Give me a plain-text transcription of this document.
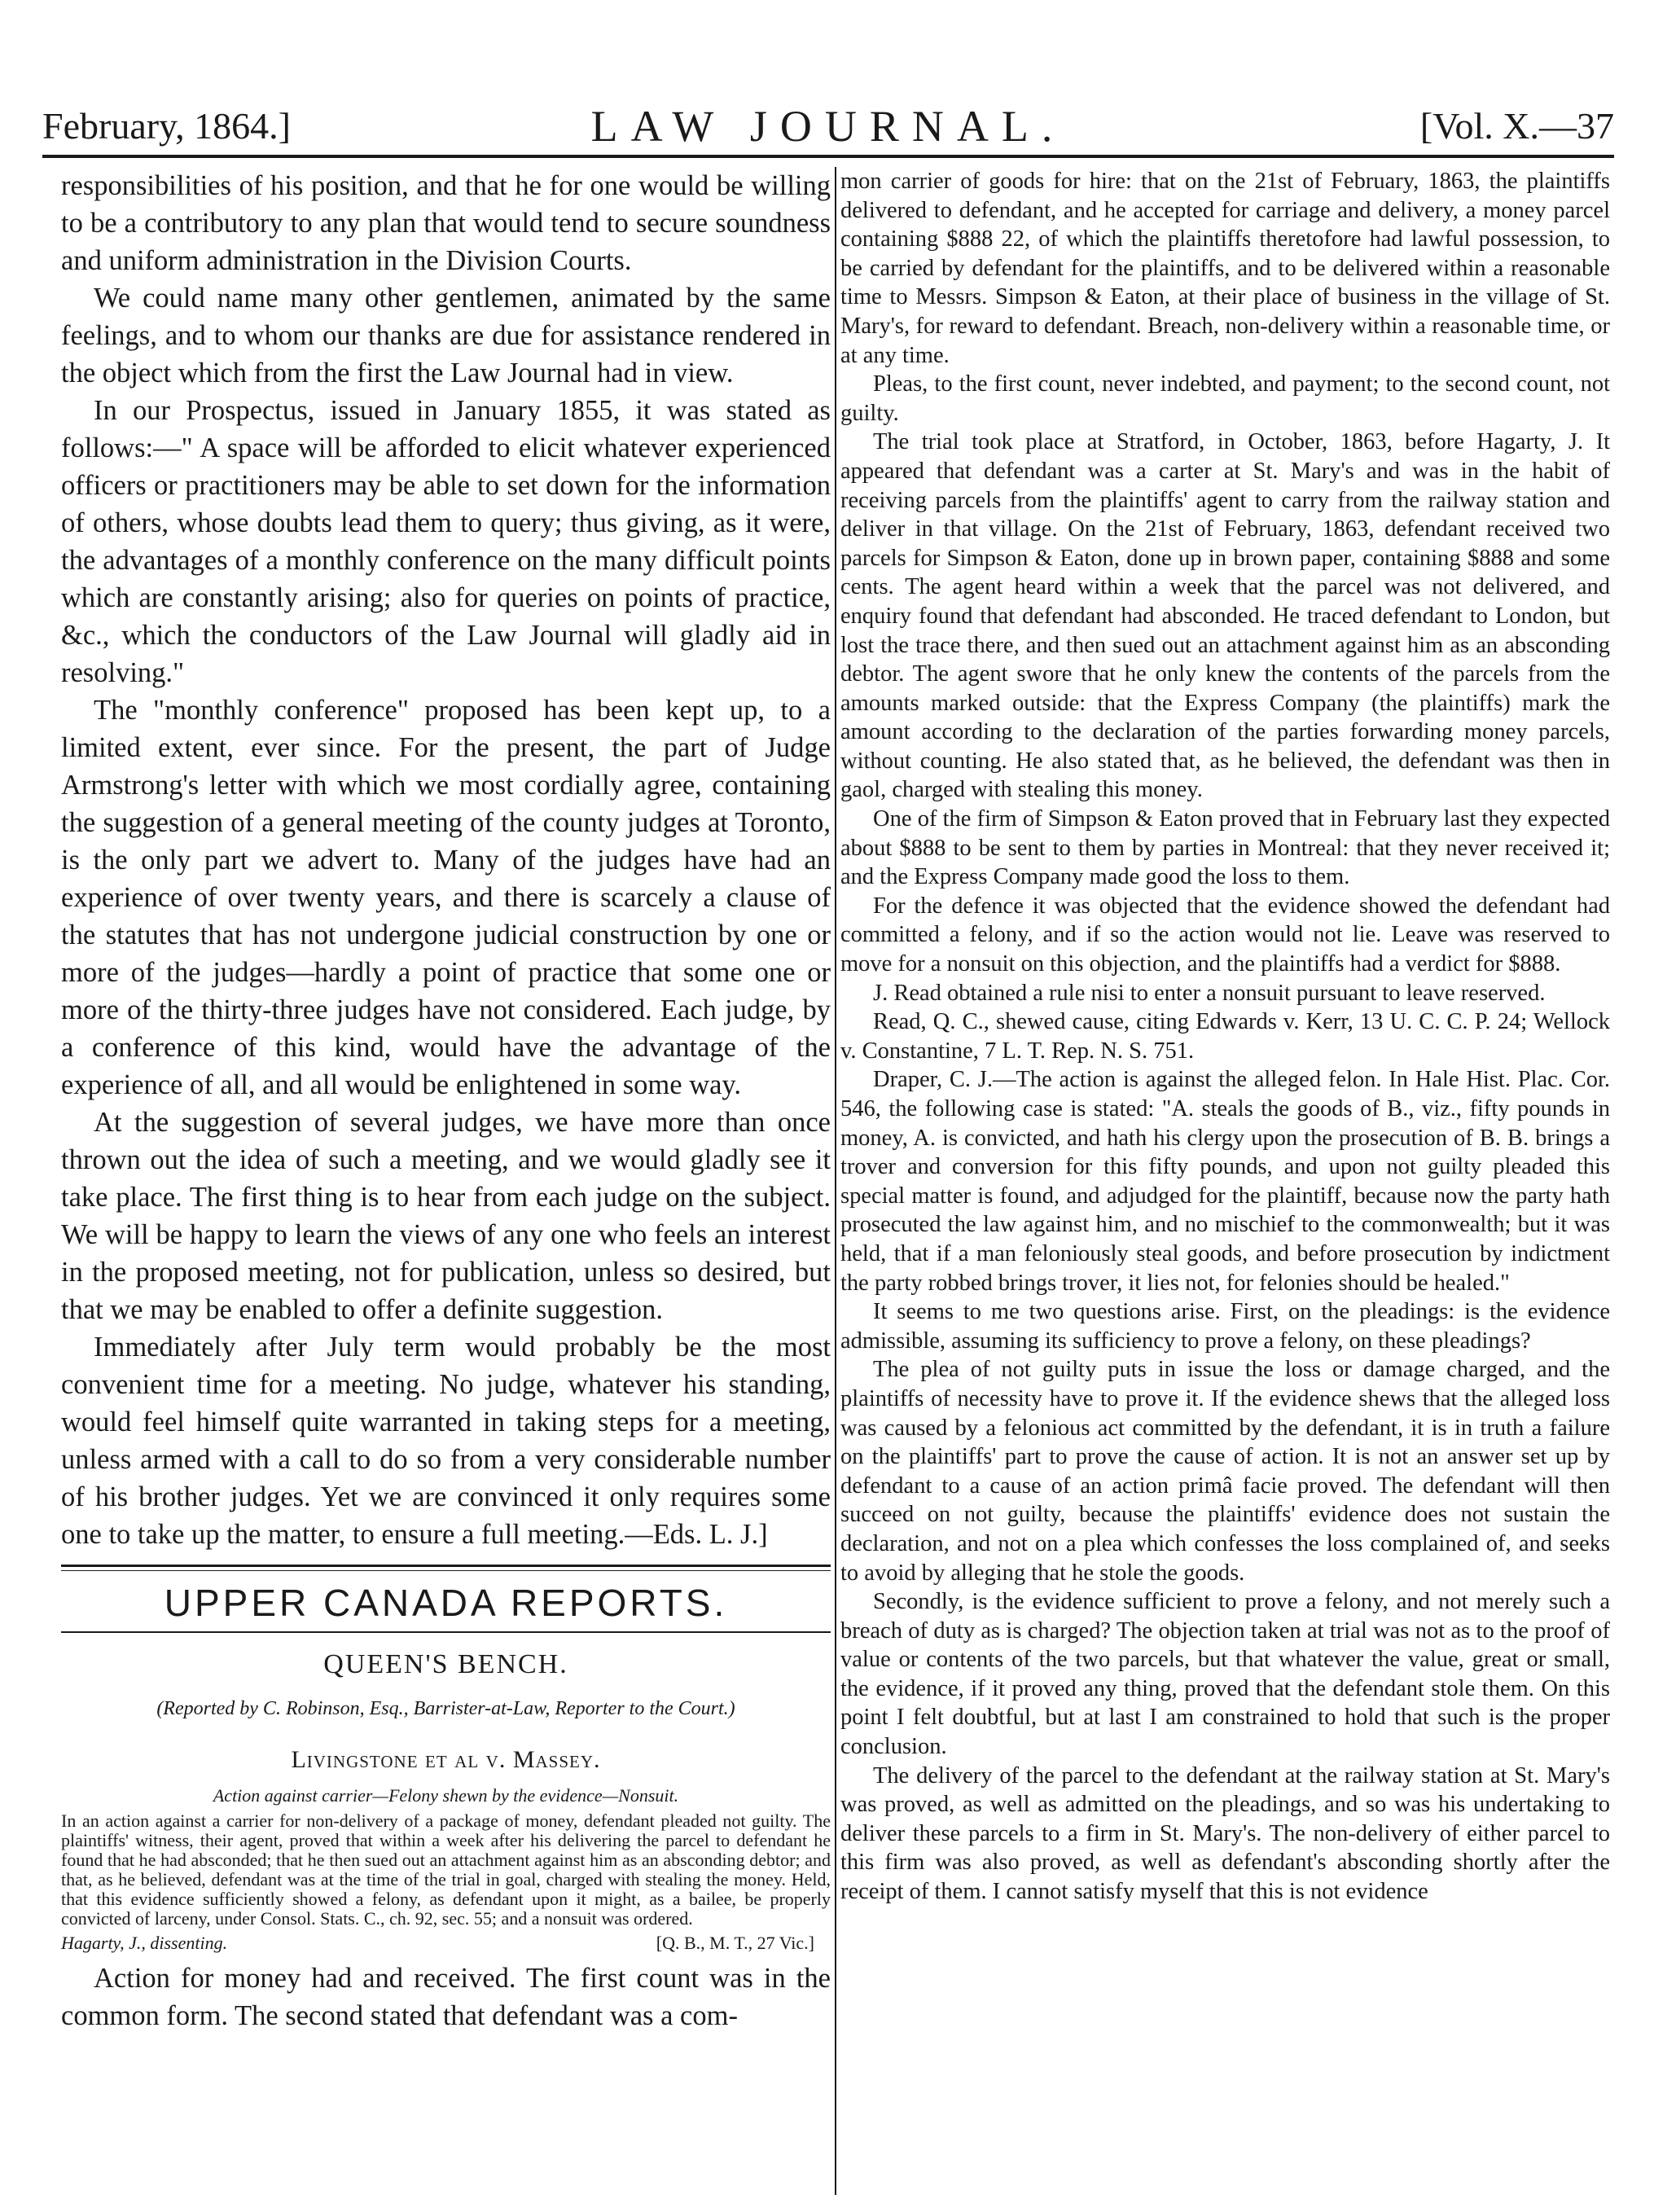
February, 1864.]	LAW JOURNAL.	[Vol. X.—37

responsibilities of his position, and that he for one would be willing to be a contributory to any plan that would tend to secure soundness and uniform administration in the Division Courts.

We could name many other gentlemen, animated by the same feelings, and to whom our thanks are due for assistance rendered in the object which from the first the Law Journal had in view.

In our Prospectus, issued in January 1855, it was stated as follows:—" A space will be afforded to elicit whatever experienced officers or practitioners may be able to set down for the information of others, whose doubts lead them to query; thus giving, as it were, the advantages of a monthly conference on the many difficult points which are constantly arising; also for queries on points of practice, &c., which the conductors of the Law Journal will gladly aid in resolving."

The "monthly conference" proposed has been kept up, to a limited extent, ever since. For the present, the part of Judge Armstrong's letter with which we most cordially agree, containing the suggestion of a general meeting of the county judges at Toronto, is the only part we advert to. Many of the judges have had an experience of over twenty years, and there is scarcely a clause of the statutes that has not undergone judicial construction by one or more of the judges—hardly a point of practice that some one or more of the thirty-three judges have not considered. Each judge, by a conference of this kind, would have the advantage of the experience of all, and all would be enlightened in some way.

At the suggestion of several judges, we have more than once thrown out the idea of such a meeting, and we would gladly see it take place. The first thing is to hear from each judge on the subject. We will be happy to learn the views of any one who feels an interest in the proposed meeting, not for publication, unless so desired, but that we may be enabled to offer a definite suggestion.

Immediately after July term would probably be the most convenient time for a meeting. No judge, whatever his standing, would feel himself quite warranted in taking steps for a meeting, unless armed with a call to do so from a very considerable number of his brother judges. Yet we are convinced it only requires some one to take up the matter, to ensure a full meeting.—Eds. L. J.]

UPPER CANADA REPORTS.
QUEEN'S BENCH.
(Reported by C. Robinson, Esq., Barrister-at-Law, Reporter to the Court.)
Livingstone et al v. Massey.
Action against carrier—Felony shewn by the evidence—Nonsuit.

In an action against a carrier for non-delivery of a package of money, defendant pleaded not guilty. The plaintiffs' witness, their agent, proved that within a week after his delivering the parcel to defendant he found that he had absconded; that he then sued out an attachment against him as an absconding debtor; and that, as he believed, defendant was at the time of the trial in goal, charged with stealing the money. Held, that this evidence sufficiently showed a felony, as defendant upon it might, as a bailee, be properly convicted of larceny, under Consol. Stats. C., ch. 92, sec. 55; and a nonsuit was ordered.

Hagarty, J., dissenting.	[Q. B., M. T., 27 Vic.]

Action for money had and received. The first count was in the common form. The second stated that defendant was a com-

mon carrier of goods for hire: that on the 21st of February, 1863, the plaintiffs delivered to defendant, and he accepted for carriage and delivery, a money parcel containing $888 22, of which the plaintiffs theretofore had lawful possession, to be carried by defendant for the plaintiffs, and to be delivered within a reasonable time to Messrs. Simpson & Eaton, at their place of business in the village of St. Mary's, for reward to defendant. Breach, non-delivery within a reasonable time, or at any time.

Pleas, to the first count, never indebted, and payment; to the second count, not guilty.

The trial took place at Stratford, in October, 1863, before Hagarty, J. It appeared that defendant was a carter at St. Mary's and was in the habit of receiving parcels from the plaintiffs' agent to carry from the railway station and deliver in that village. On the 21st of February, 1863, defendant received two parcels for Simpson & Eaton, done up in brown paper, containing $888 and some cents. The agent heard within a week that the parcel was not delivered, and enquiry found that defendant had absconded. He traced defendant to London, but lost the trace there, and then sued out an attachment against him as an absconding debtor. The agent swore that he only knew the contents of the parcels from the amounts marked outside: that the Express Company (the plaintiffs) mark the amount according to the declaration of the parties forwarding money parcels, without counting. He also stated that, as he believed, the defendant was then in gaol, charged with stealing this money.

One of the firm of Simpson & Eaton proved that in February last they expected about $888 to be sent to them by parties in Montreal: that they never received it; and the Express Company made good the loss to them.

For the defence it was objected that the evidence showed the defendant had committed a felony, and if so the action would not lie. Leave was reserved to move for a nonsuit on this objection, and the plaintiffs had a verdict for $888.

J. Read obtained a rule nisi to enter a nonsuit pursuant to leave reserved.

Read, Q. C., shewed cause, citing Edwards v. Kerr, 13 U. C. C. P. 24; Wellock v. Constantine, 7 L. T. Rep. N. S. 751.

Draper, C. J.—The action is against the alleged felon. In Hale Hist. Plac. Cor. 546, the following case is stated: "A. steals the goods of B., viz., fifty pounds in money, A. is convicted, and hath his clergy upon the prosecution of B. B. brings a trover and conversion for this fifty pounds, and upon not guilty pleaded this special matter is found, and adjudged for the plaintiff, because now the party hath prosecuted the law against him, and no mischief to the commonwealth; but it was held, that if a man feloniously steal goods, and before prosecution by indictment the party robbed brings trover, it lies not, for felonies should be healed."

It seems to me two questions arise. First, on the pleadings: is the evidence admissible, assuming its sufficiency to prove a felony, on these pleadings?

The plea of not guilty puts in issue the loss or damage charged, and the plaintiffs of necessity have to prove it. If the evidence shews that the alleged loss was caused by a felonious act committed by the defendant, it is in truth a failure on the plaintiffs' part to prove the cause of action. It is not an answer set up by defendant to a cause of an action primâ facie proved. The defendant will then succeed on not guilty, because the plaintiffs' evidence does not sustain the declaration, and not on a plea which confesses the loss complained of, and seeks to avoid by alleging that he stole the goods.

Secondly, is the evidence sufficient to prove a felony, and not merely such a breach of duty as is charged? The objection taken at trial was not as to the proof of value or contents of the two parcels, but that whatever the value, great or small, the evidence, if it proved any thing, proved that the defendant stole them. On this point I felt doubtful, but at last I am constrained to hold that such is the proper conclusion.

The delivery of the parcel to the defendant at the railway station at St. Mary's was proved, as well as admitted on the pleadings, and so was his undertaking to deliver these parcels to a firm in St. Mary's. The non-delivery of either parcel to this firm was also proved, as well as defendant's absconding shortly after the receipt of them. I cannot satisfy myself that this is not evidence
